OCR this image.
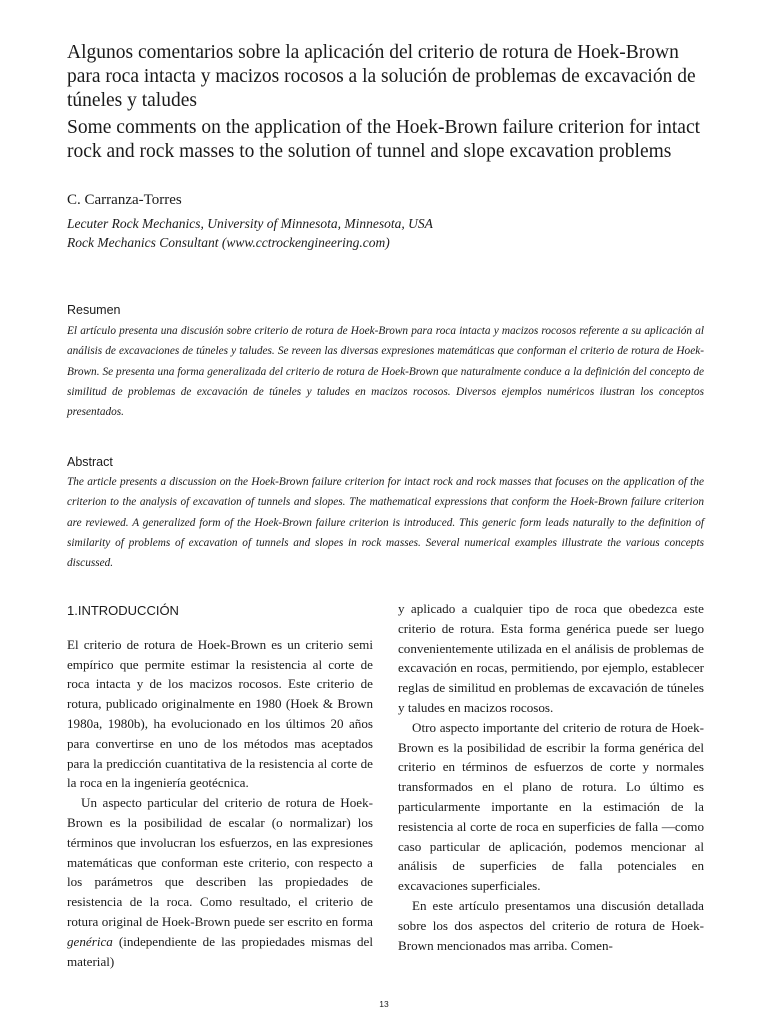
Algunos comentarios sobre la aplicación del criterio de rotura de Hoek-Brown para roca intacta y macizos rocosos a la solución de problemas de excavación de túneles y taludes
Some comments on the application of the Hoek-Brown failure criterion for intact rock and rock masses to the solution of tunnel and slope excavation problems
C. Carranza-Torres
Lecuter Rock Mechanics, University of Minnesota, Minnesota, USA
Rock Mechanics Consultant (www.cctrockengineering.com)
Resumen

El artículo presenta una discusión sobre criterio de rotura de Hoek-Brown para roca intacta y macizos rocosos referente a su aplicación al análisis de excavaciones de túneles y taludes. Se reveen las diversas expresiones matemáticas que conforman el criterio de rotura de Hoek-Brown. Se presenta una forma generalizada del criterio de rotura de Hoek-Brown que naturalmente conduce a la definición del concepto de similitud de problemas de excavación de túneles y taludes en macizos rocosos. Diversos ejemplos numéricos ilustran los conceptos presentados.

Abstract

The article presents a discussion on the Hoek-Brown failure criterion for intact rock and rock masses that focuses on the application of the criterion to the analysis of excavation of tunnels and slopes. The mathematical expressions that conform the Hoek-Brown failure criterion are reviewed. A generalized form of the Hoek-Brown failure criterion is introduced. This generic form leads naturally to the definition of similarity of problems of excavation of tunnels and slopes in rock masses. Several numerical examples illustrate the various concepts discussed.

1.INTRODUCCIÓN

El criterio de rotura de Hoek-Brown es un criterio semi empírico que permite estimar la resistencia al corte de roca intacta y de los macizos rocosos. Este criterio de rotura, publicado originalmente en 1980 (Hoek & Brown 1980a, 1980b), ha evolucionado en los últimos 20 años para convertirse en uno de los métodos mas aceptados para la predicción cuantitativa de la resistencia al corte de la roca en la ingeniería geotécnica.

Un aspecto particular del criterio de rotura de Hoek-Brown es la posibilidad de escalar (o normalizar) los términos que involucran los esfuerzos, en las expresiones matemáticas que conforman este criterio, con respecto a los parámetros que describen las propiedades de resistencia de la roca. Como resultado, el criterio de rotura original de Hoek-Brown puede ser escrito en forma genérica (independiente de las propiedades mismas del material)

y aplicado a cualquier tipo de roca que obedezca este criterio de rotura. Esta forma genérica puede ser luego convenientemente utilizada en el análisis de problemas de excavación en rocas, permitiendo, por ejemplo, establecer reglas de similitud en problemas de excavación de túneles y taludes en macizos rocosos.

Otro aspecto importante del criterio de rotura de Hoek-Brown es la posibilidad de escribir la forma genérica del criterio en términos de esfuerzos de corte y normales transformados en el plano de rotura. Lo último es particularmente importante en la estimación de la resistencia al corte de roca en superficies de falla —como caso particular de aplicación, podemos mencionar al análisis de superficies de falla potenciales en excavaciones superficiales.

En este artículo presentamos una discusión detallada sobre los dos aspectos del criterio de rotura de Hoek-Brown mencionados mas arriba. Comen-

13
